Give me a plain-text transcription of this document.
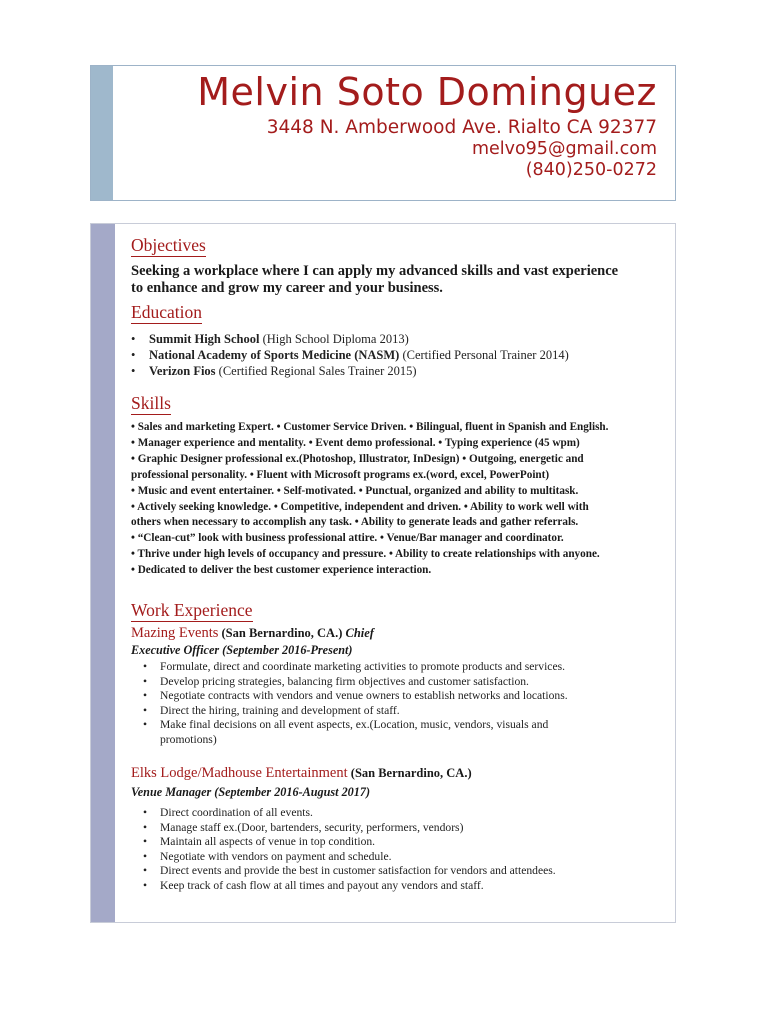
Melvin Soto Dominguez
3448 N. Amberwood Ave. Rialto CA 92377
melvo95@gmail.com
(840)250-0272
Objectives
Seeking a workplace where I can apply my advanced skills and vast experience
to enhance and grow my career and your business.
Education
• Summit High School (High School Diploma 2013)
• National Academy of Sports Medicine (NASM) (Certified Personal Trainer 2014)
• Verizon Fios (Certified Regional Sales Trainer 2015)
Skills
• Sales and marketing Expert. • Customer Service Driven. • Bilingual, fluent in Spanish and English.
• Manager experience and mentality. • Event demo professional. • Typing experience (45 wpm)
• Graphic Designer professional ex.(Photoshop, Illustrator, InDesign) • Outgoing, energetic and
professional personality. • Fluent with Microsoft programs ex.(word, excel, PowerPoint)
• Music and event entertainer. • Self-motivated. • Punctual, organized and ability to multitask.
• Actively seeking knowledge. • Competitive, independent and driven. • Ability to work well with
others when necessary to accomplish any task. • Ability to generate leads and gather referrals.
• “Clean-cut” look with business professional attire. • Venue/Bar manager and coordinator.
• Thrive under high levels of occupancy and pressure. • Ability to create relationships with anyone.
• Dedicated to deliver the best customer experience interaction.
Work Experience
Mazing Events (San Bernardino, CA.) Chief
Executive Officer (September 2016-Present)
• Formulate, direct and coordinate marketing activities to promote products and services.
• Develop pricing strategies, balancing firm objectives and customer satisfaction.
• Negotiate contracts with vendors and venue owners to establish networks and locations.
• Direct the hiring, training and development of staff.
• Make final decisions on all event aspects, ex.(Location, music, vendors, visuals and
promotions)
Elks Lodge/Madhouse Entertainment (San Bernardino, CA.)
Venue Manager (September 2016-August 2017)
• Direct coordination of all events.
• Manage staff ex.(Door, bartenders, security, performers, vendors)
• Maintain all aspects of venue in top condition.
• Negotiate with vendors on payment and schedule.
• Direct events and provide the best in customer satisfaction for vendors and attendees.
• Keep track of cash flow at all times and payout any vendors and staff.
